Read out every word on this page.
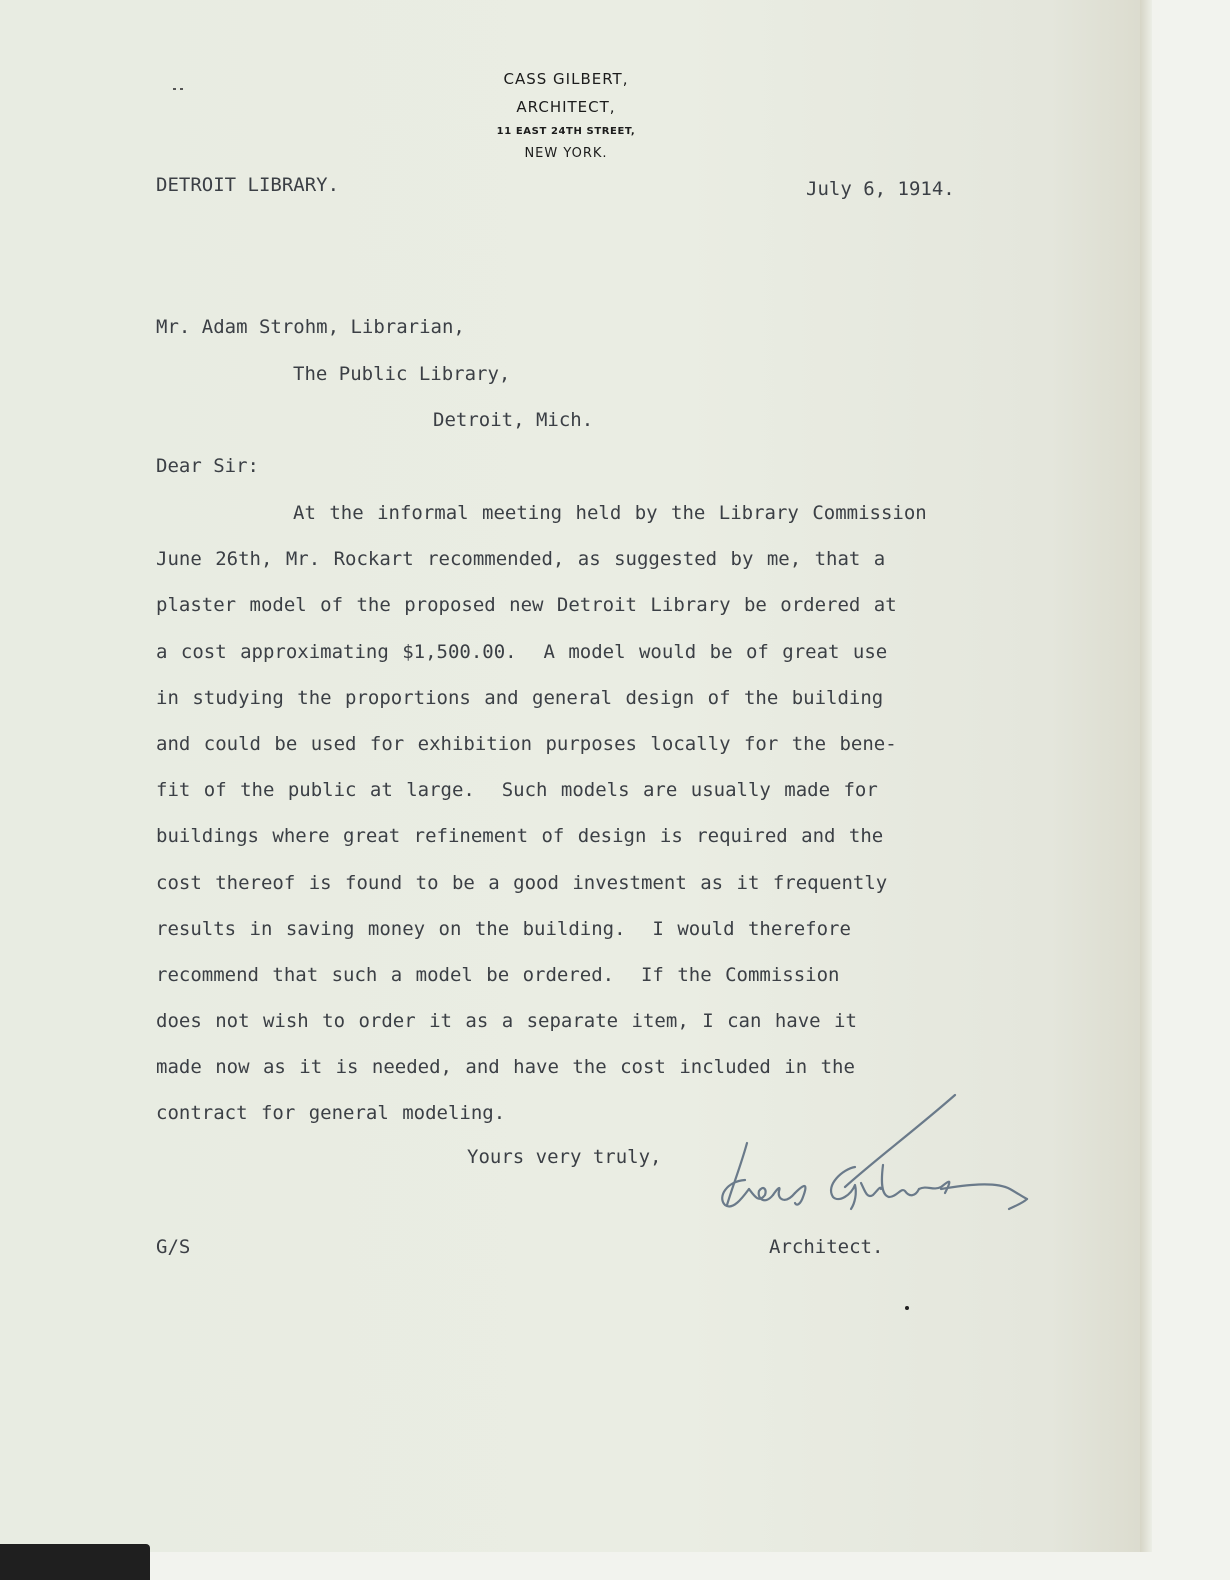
CASS GILBERT,
ARCHITECT,
11 EAST 24TH STREET,
NEW YORK.
DETROIT LIBRARY.	July 6, 1914.
Mr. Adam Strohm, Librarian,
The Public Library,
Detroit, Mich.
Dear Sir:
At the informal meeting held by the Library Commission
June 26th, Mr. Rockart recommended, as suggested by me, that a
plaster model of the proposed new Detroit Library be ordered at
a cost approximating $1,500.00.  A model would be of great use
in studying the proportions and general design of the building
and could be used for exhibition purposes locally for the bene-
fit of the public at large.  Such models are usually made for
buildings where great refinement of design is required and the
cost thereof is found to be a good investment as it frequently
results in saving money on the building.  I would therefore
recommend that such a model be ordered.  If the Commission
does not wish to order it as a separate item, I can have it
made now as it is needed, and have the cost included in the
contract for general modeling.
Yours very truly,
G/S	Architect.
